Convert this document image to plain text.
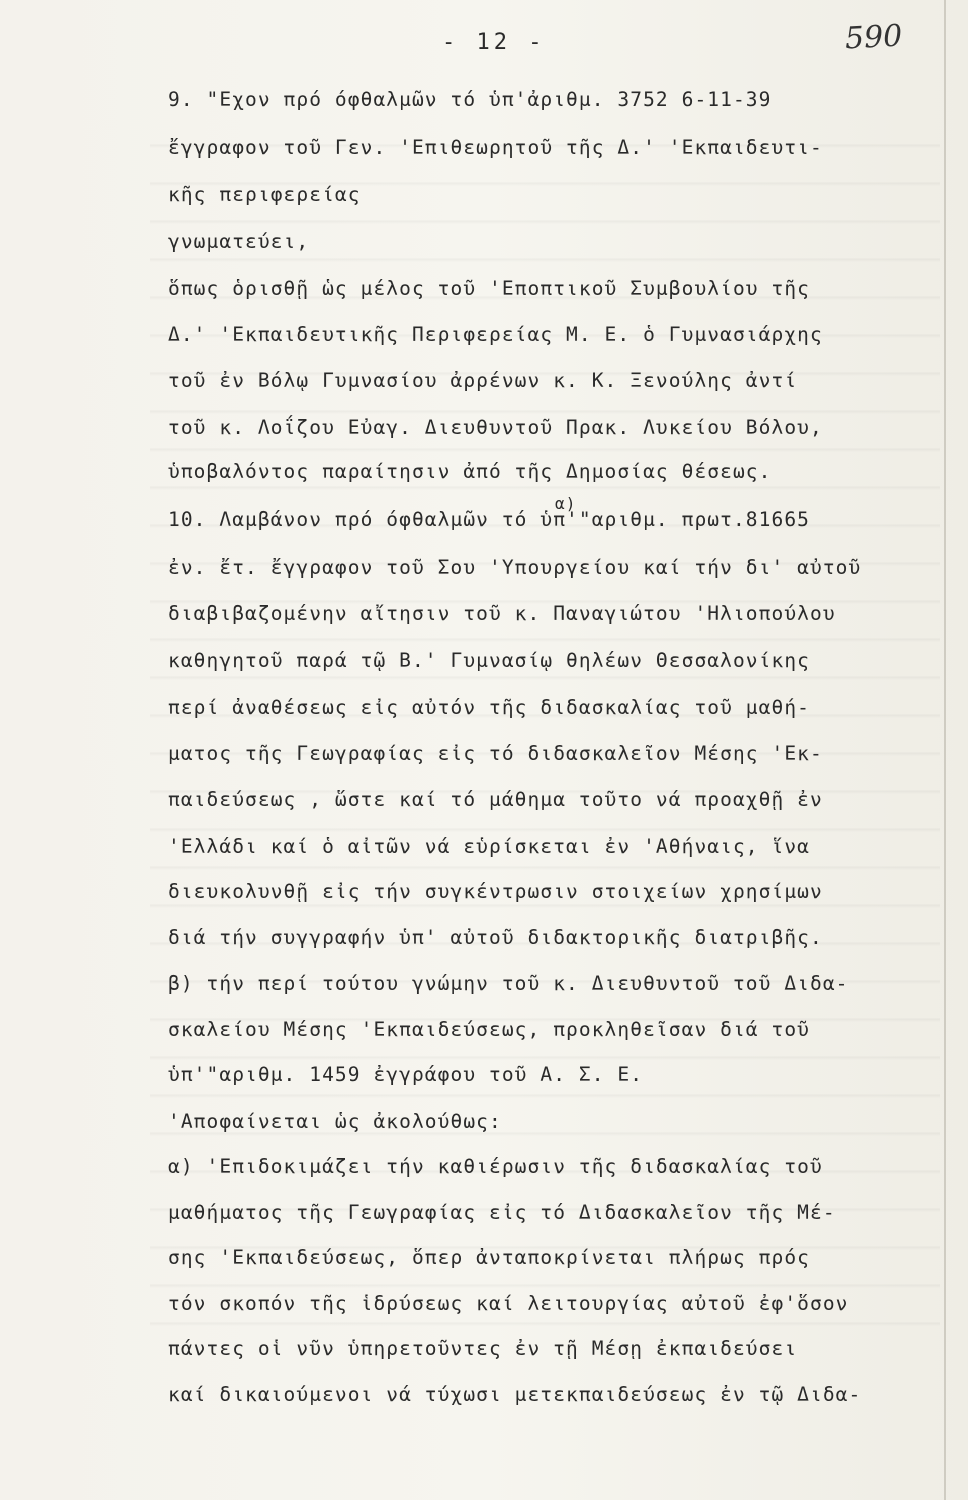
- 12 -	590
9. "Εχον πρό όφθαλμῶν τό ὑπ'ἀριθμ. 3752 6-11-39
ἔγγραφον τοῦ Γεν. 'Επιθεωρητοῦ τῆς Δ.' 'Εκπαιδευτι-
κῆς περιφερείας
γνωματεύει,
ὅπως ὁρισθῇ ὡς μέλος τοῦ 'Εποπτικοῦ Συμβουλίου τῆς
Δ.' 'Εκπαιδευτικῆς Περιφερείας Μ. Ε. ὁ Γυμνασιάρχης
τοῦ ἐν Βόλῳ Γυμνασίου ἀρρένων κ. Κ. Ξενούλης ἀντί
τοῦ κ. Λοΐζου Εὐαγ. Διευθυντοῦ Πρακ. Λυκείου Βόλου,
ὑποβαλόντος παραίτησιν ἀπό τῆς Δημοσίας θέσεως.
α)
10. Λαμβάνον πρό όφθαλμῶν τό ὑπ'"αριθμ. πρωτ.81665
ἐν. ἔτ. ἔγγραφον τοῦ Σου 'Υπουργείου καί τήν δι' αὐτοῦ
διαβιβαζομένην αἴτησιν τοῦ κ. Παναγιώτου 'Ηλιοπούλου
καθηγητοῦ παρά τῷ Β.' Γυμνασίῳ θηλέων Θεσσαλονίκης
περί ἀναθέσεως εἰς αὐτόν τῆς διδασκαλίας τοῦ μαθή-
ματος τῆς Γεωγραφίας εἰς τό διδασκαλεῖον Μέσης 'Εκ-
παιδεύσεως , ὥστε καί τό μάθημα τοῦτο νά προαχθῇ ἐν
'Ελλάδι καί ὁ αἰτῶν νά εὑρίσκεται ἐν 'Αθήναις, ἵνα
διευκολυνθῇ εἰς τήν συγκέντρωσιν στοιχείων χρησίμων
διά τήν συγγραφήν ὑπ' αὐτοῦ διδακτορικῆς διατριβῆς.
β) τήν περί τούτου γνώμην τοῦ κ. Διευθυντοῦ τοῦ Διδα-
σκαλείου Μέσης 'Εκπαιδεύσεως, προκληθεῖσαν διά τοῦ
ὑπ'"αριθμ. 1459 ἐγγράφου τοῦ Α. Σ. Ε.
'Αποφαίνεται ὡς ἀκολούθως:
α) 'Επιδοκιμάζει τήν καθιέρωσιν τῆς διδασκαλίας τοῦ
μαθήματος τῆς Γεωγραφίας εἰς τό Διδασκαλεῖον τῆς Μέ-
σης 'Εκπαιδεύσεως, ὅπερ ἀνταποκρίνεται πλήρως πρός
τόν σκοπόν τῆς ἱδρύσεως καί λειτουργίας αὐτοῦ ἐφ'ὅσον
πάντες οἱ νῦν ὑπηρετοῦντες ἐν τῇ Μέσῃ ἐκπαιδεύσει
καί δικαιούμενοι νά τύχωσι μετεκπαιδεύσεως ἐν τῷ Διδα-
